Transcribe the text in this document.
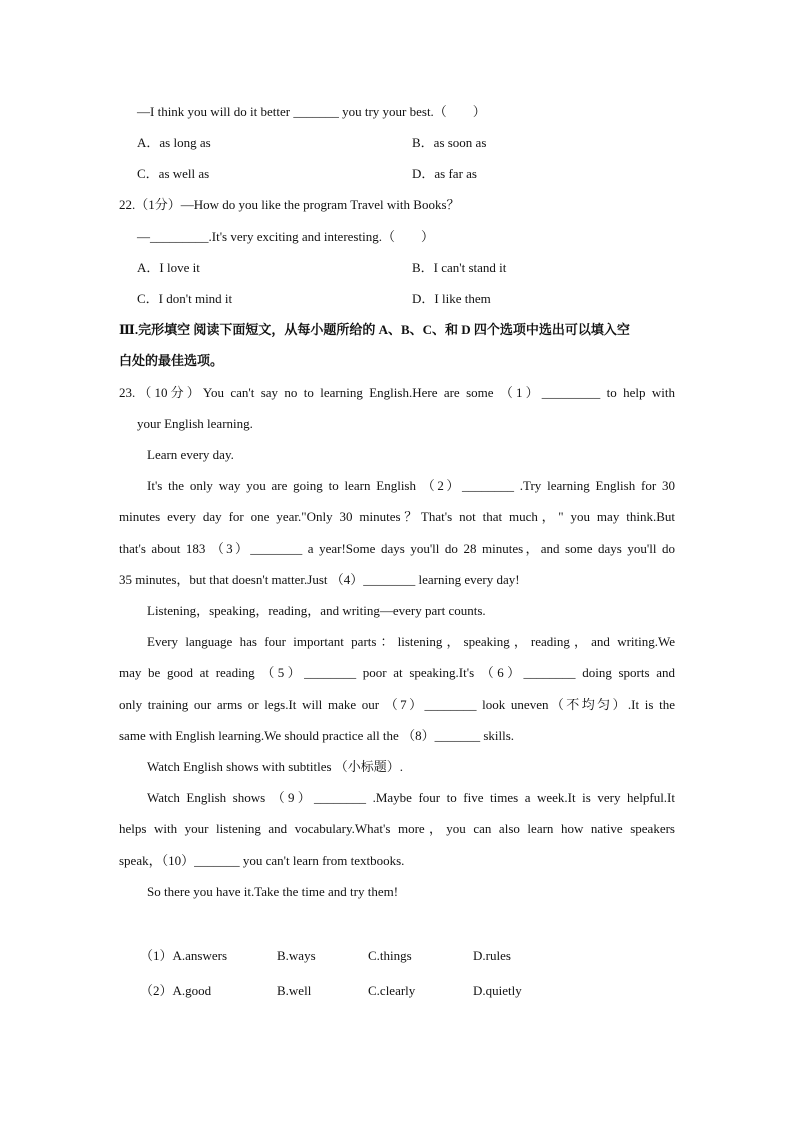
—I think you will do it better _______ you try your best.（　　）
A．as long as	B．as soon as
C．as well as	D．as far as
22.（1分）—How do you like the program Travel with Books？
—_________.It's very exciting and interesting.（　　）
A．I love it	B．I can't stand it
C．I don't mind it	D．I like them
Ⅲ.完形填空 阅读下面短文，从每小题所给的 A、B、C、和 D 四个选项中选出可以填入空
白处的最佳选项。
23.（10分）You can't say no to learning English.Here are some （1）_________ to help with
your English learning.
Learn every day.
It's the only way you are going to learn English （2）________ .Try learning English for 30
minutes every day for one year."Only 30 minutes？That's not that much，" you may think.But
that's about 183 （3）________ a year!Some days you'll do 28 minutes，and some days you'll do
35 minutes，but that doesn't matter.Just （4）________ learning every day!
Listening，speaking，reading，and writing—every part counts.
Every language has four important parts：listening，speaking，reading，and writing.We
may be good at reading （5）________ poor at speaking.It's （6）________ doing sports and
only training our arms or legs.It will make our （7）________ look uneven（不均匀）.It is the
same with English learning.We should practice all the （8）_______ skills.
Watch English shows with subtitles （小标题）.
Watch English shows （9）________ .Maybe four to five times a week.It is very helpful.It
helps with your listening and vocabulary.What's more，you can also learn how native speakers
speak，（10）_______ you can't learn from textbooks.
So there you have it.Take the time and try them!
（1）A.answers	B.ways	C.things	D.rules
（2）A.good	B.well	C.clearly	D.quietly
